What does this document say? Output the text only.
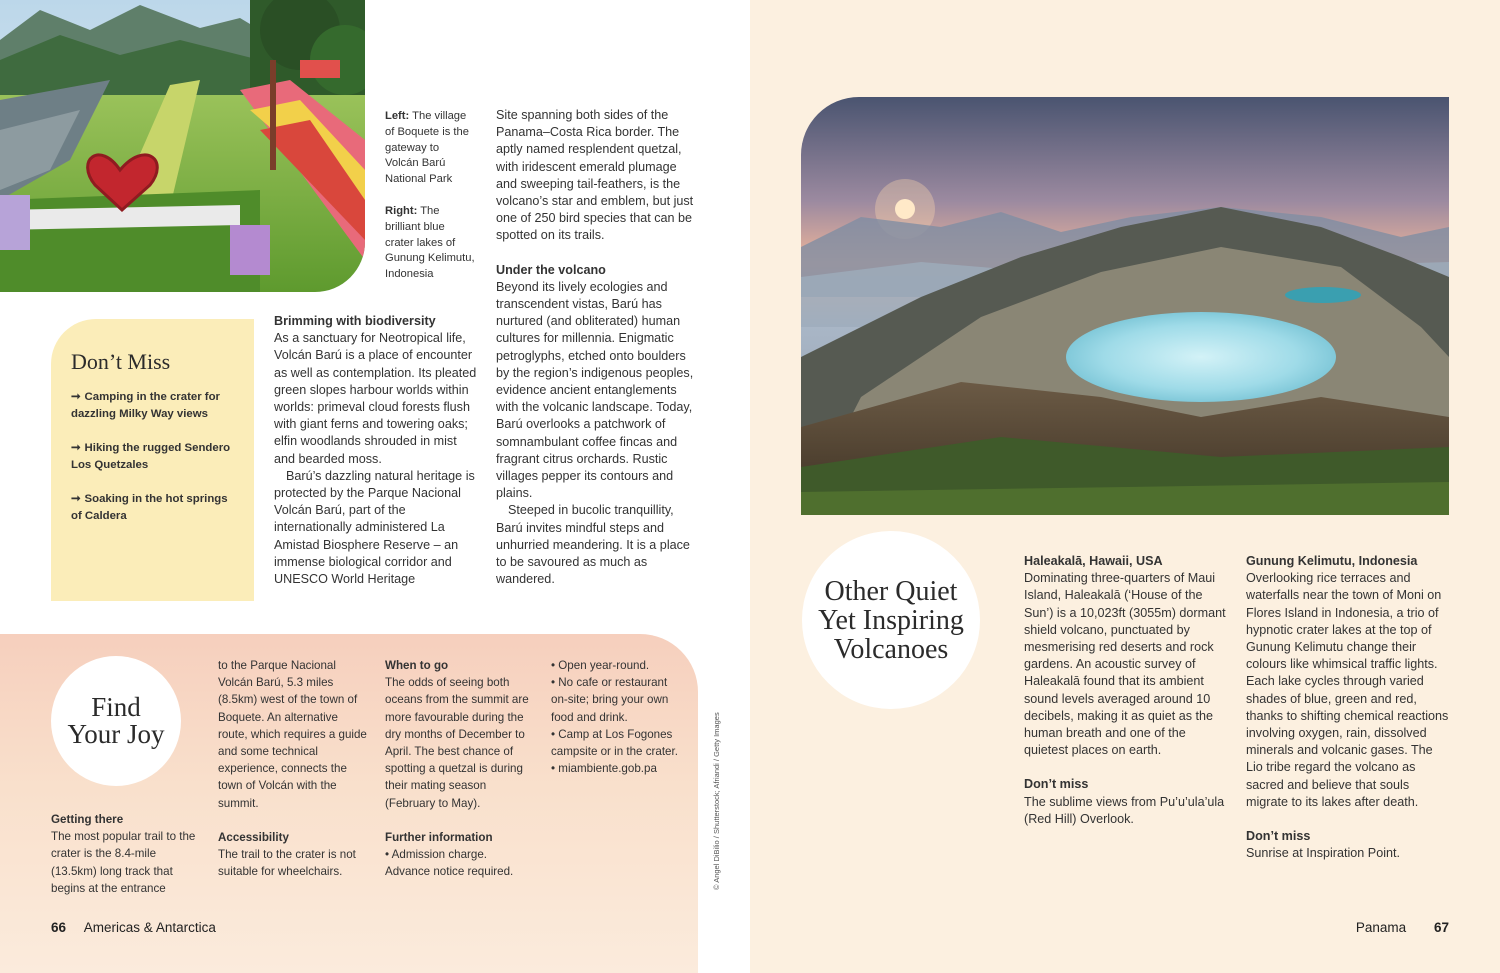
Left: The village of Boquete is the gateway to Volcán Barú National Park
Right: The brilliant blue crater lakes of Gunung Kelimutu, Indonesia
Don’t Miss
➞ Camping in the crater for dazzling Milky Way views
➞ Hiking the rugged Sendero Los Quetzales
➞ Soaking in the hot springs of Caldera

Brimming with biodiversity

As a sanctuary for Neotropical life, Volcán Barú is a place of encounter as well as contemplation. Its pleated green slopes harbour worlds within worlds: primeval cloud forests flush with giant ferns and towering oaks; elfin woodlands shrouded in mist and bearded moss.

Barú’s dazzling natural heritage is protected by the Parque Nacional Volcán Barú, part of the internationally administered La Amistad Biosphere Reserve – an immense biological corridor and UNESCO World Heritage

Site spanning both sides of the Panama–Costa Rica border. The aptly named resplendent quetzal, with iridescent emerald plumage and sweeping tail-feathers, is the volcano’s star and emblem, but just one of 250 bird species that can be spotted on its trails.

Under the volcano

Beyond its lively ecologies and transcendent vistas, Barú has nurtured (and obliterated) human cultures for millennia. Enigmatic petroglyphs, etched onto boulders by the region’s indigenous peoples, evidence ancient entanglements with the volcanic landscape. Today, Barú overlooks a patchwork of somnambulant coffee fincas and fragrant citrus orchards. Rustic villages pepper its contours and plains.

Steeped in bucolic tranquillity, Barú invites mindful steps and unhurried meandering. It is a place to be savoured as much as wandered.

Find
Your Joy

Getting there

The most popular trail to the crater is the 8.4-mile (13.5km) long track that begins at the entrance

to the Parque Nacional Volcán Barú, 5.3 miles (8.5km) west of the town of Boquete. An alternative route, which requires a guide and some technical experience, connects the town of Volcán with the summit.

Accessibility

The trail to the crater is not suitable for wheelchairs.

When to go

The odds of seeing both oceans from the summit are more favourable during the dry months of December to April. The best chance of spotting a quetzal is during their mating season (February to May).

Further information

• Admission charge. Advance notice required.

• Open year-round.

• No cafe or restaurant on-site; bring your own food and drink.

• Camp at Los Fogones campsite or in the crater.

• miambiente.gob.pa	© Angel DiBilio / Shutterstock; Afriandi / Getty Images
66 Americas & Antarctica
Other Quiet
Yet Inspiring
Volcanoes

Haleakalā, Hawaii, USA

Dominating three-quarters of Maui Island, Haleakalā (‘House of the Sun’) is a 10,023ft (3055m) dormant shield volcano, punctuated by mesmerising red deserts and rock gardens. An acoustic survey of Haleakalā found that its ambient sound levels averaged around 10 decibels, making it as quiet as the human breath and one of the quietest places on earth.

Don’t miss

The sublime views from Pu’u’ula’ula (Red Hill) Overlook.

Gunung Kelimutu, Indonesia

Overlooking rice terraces and waterfalls near the town of Moni on Flores Island in Indonesia, a trio of hypnotic crater lakes at the top of Gunung Kelimutu change their colours like whimsical traffic lights. Each lake cycles through varied shades of blue, green and red, thanks to shifting chemical reactions involving oxygen, rain, dissolved minerals and volcanic gases. The Lio tribe regard the volcano as sacred and believe that souls migrate to its lakes after death.

Don’t miss

Sunrise at Inspiration Point.

Panama 67
